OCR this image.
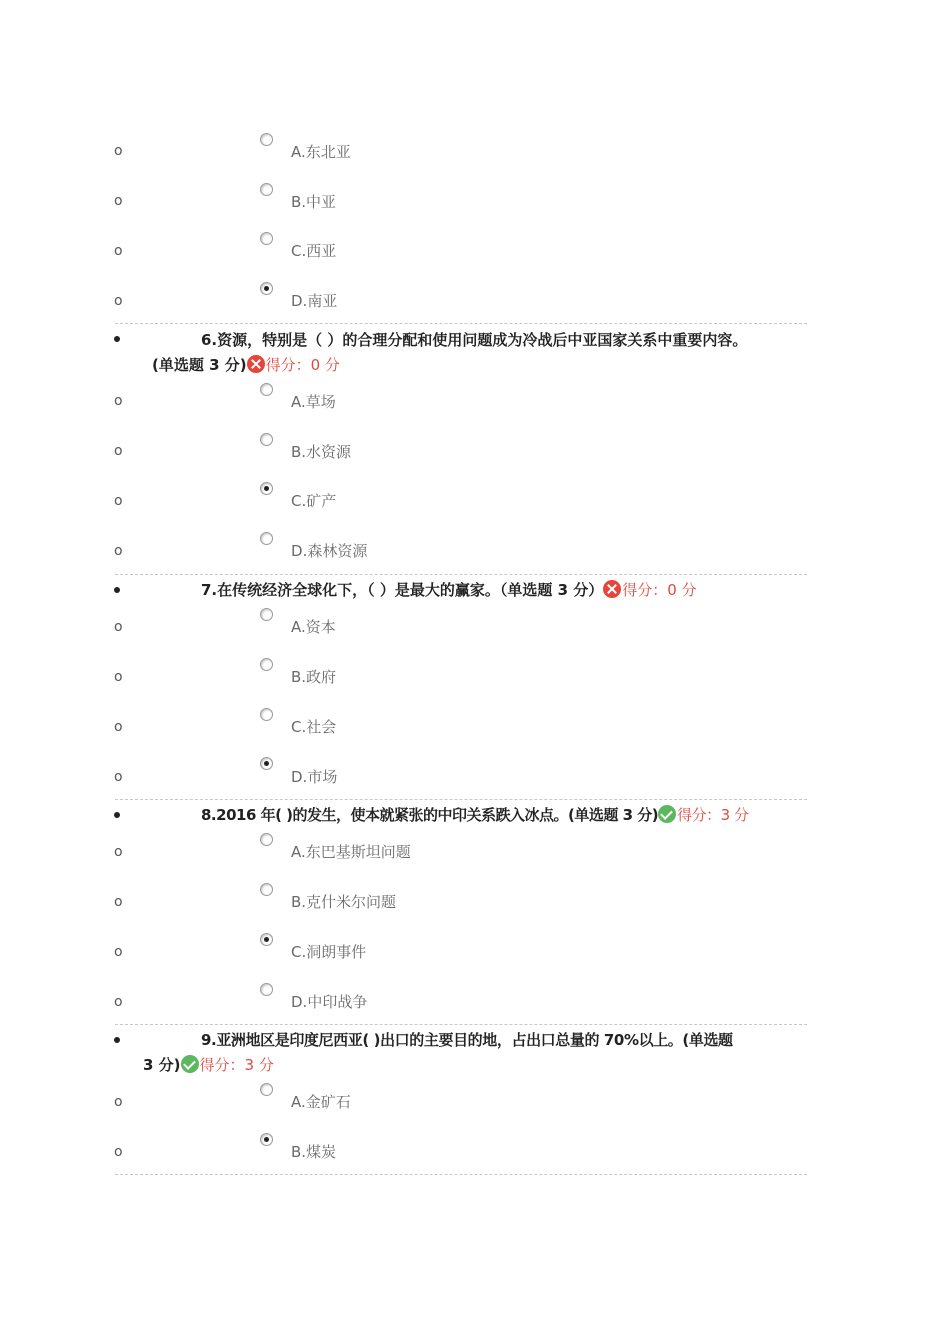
o	A.东北亚
o	B.中亚
o	C.西亚
o	D.南亚
6.资源，特别是（ ）的合理分配和使用问题成为冷战后中亚国家关系中重要内容。
(单选题 3 分) 得分：0 分
o	A.草场
o	B.水资源
o	C.矿产
o	D.森林资源
7.在传统经济全球化下，（ ）是最大的赢家。（单选题 3 分） 得分：0 分
o	A.资本
o	B.政府
o	C.社会
o	D.市场
8.2016 年( )的发生，使本就紧张的中印关系跌入冰点。(单选题 3 分) 得分：3 分
o	A.东巴基斯坦问题
o	B.克什米尔问题
o	C.洞朗事件
o	D.中印战争
9.亚洲地区是印度尼西亚( )出口的主要目的地，占出口总量的 70%以上。(单选题
3 分) 得分：3 分
o	A.金矿石
o	B.煤炭
